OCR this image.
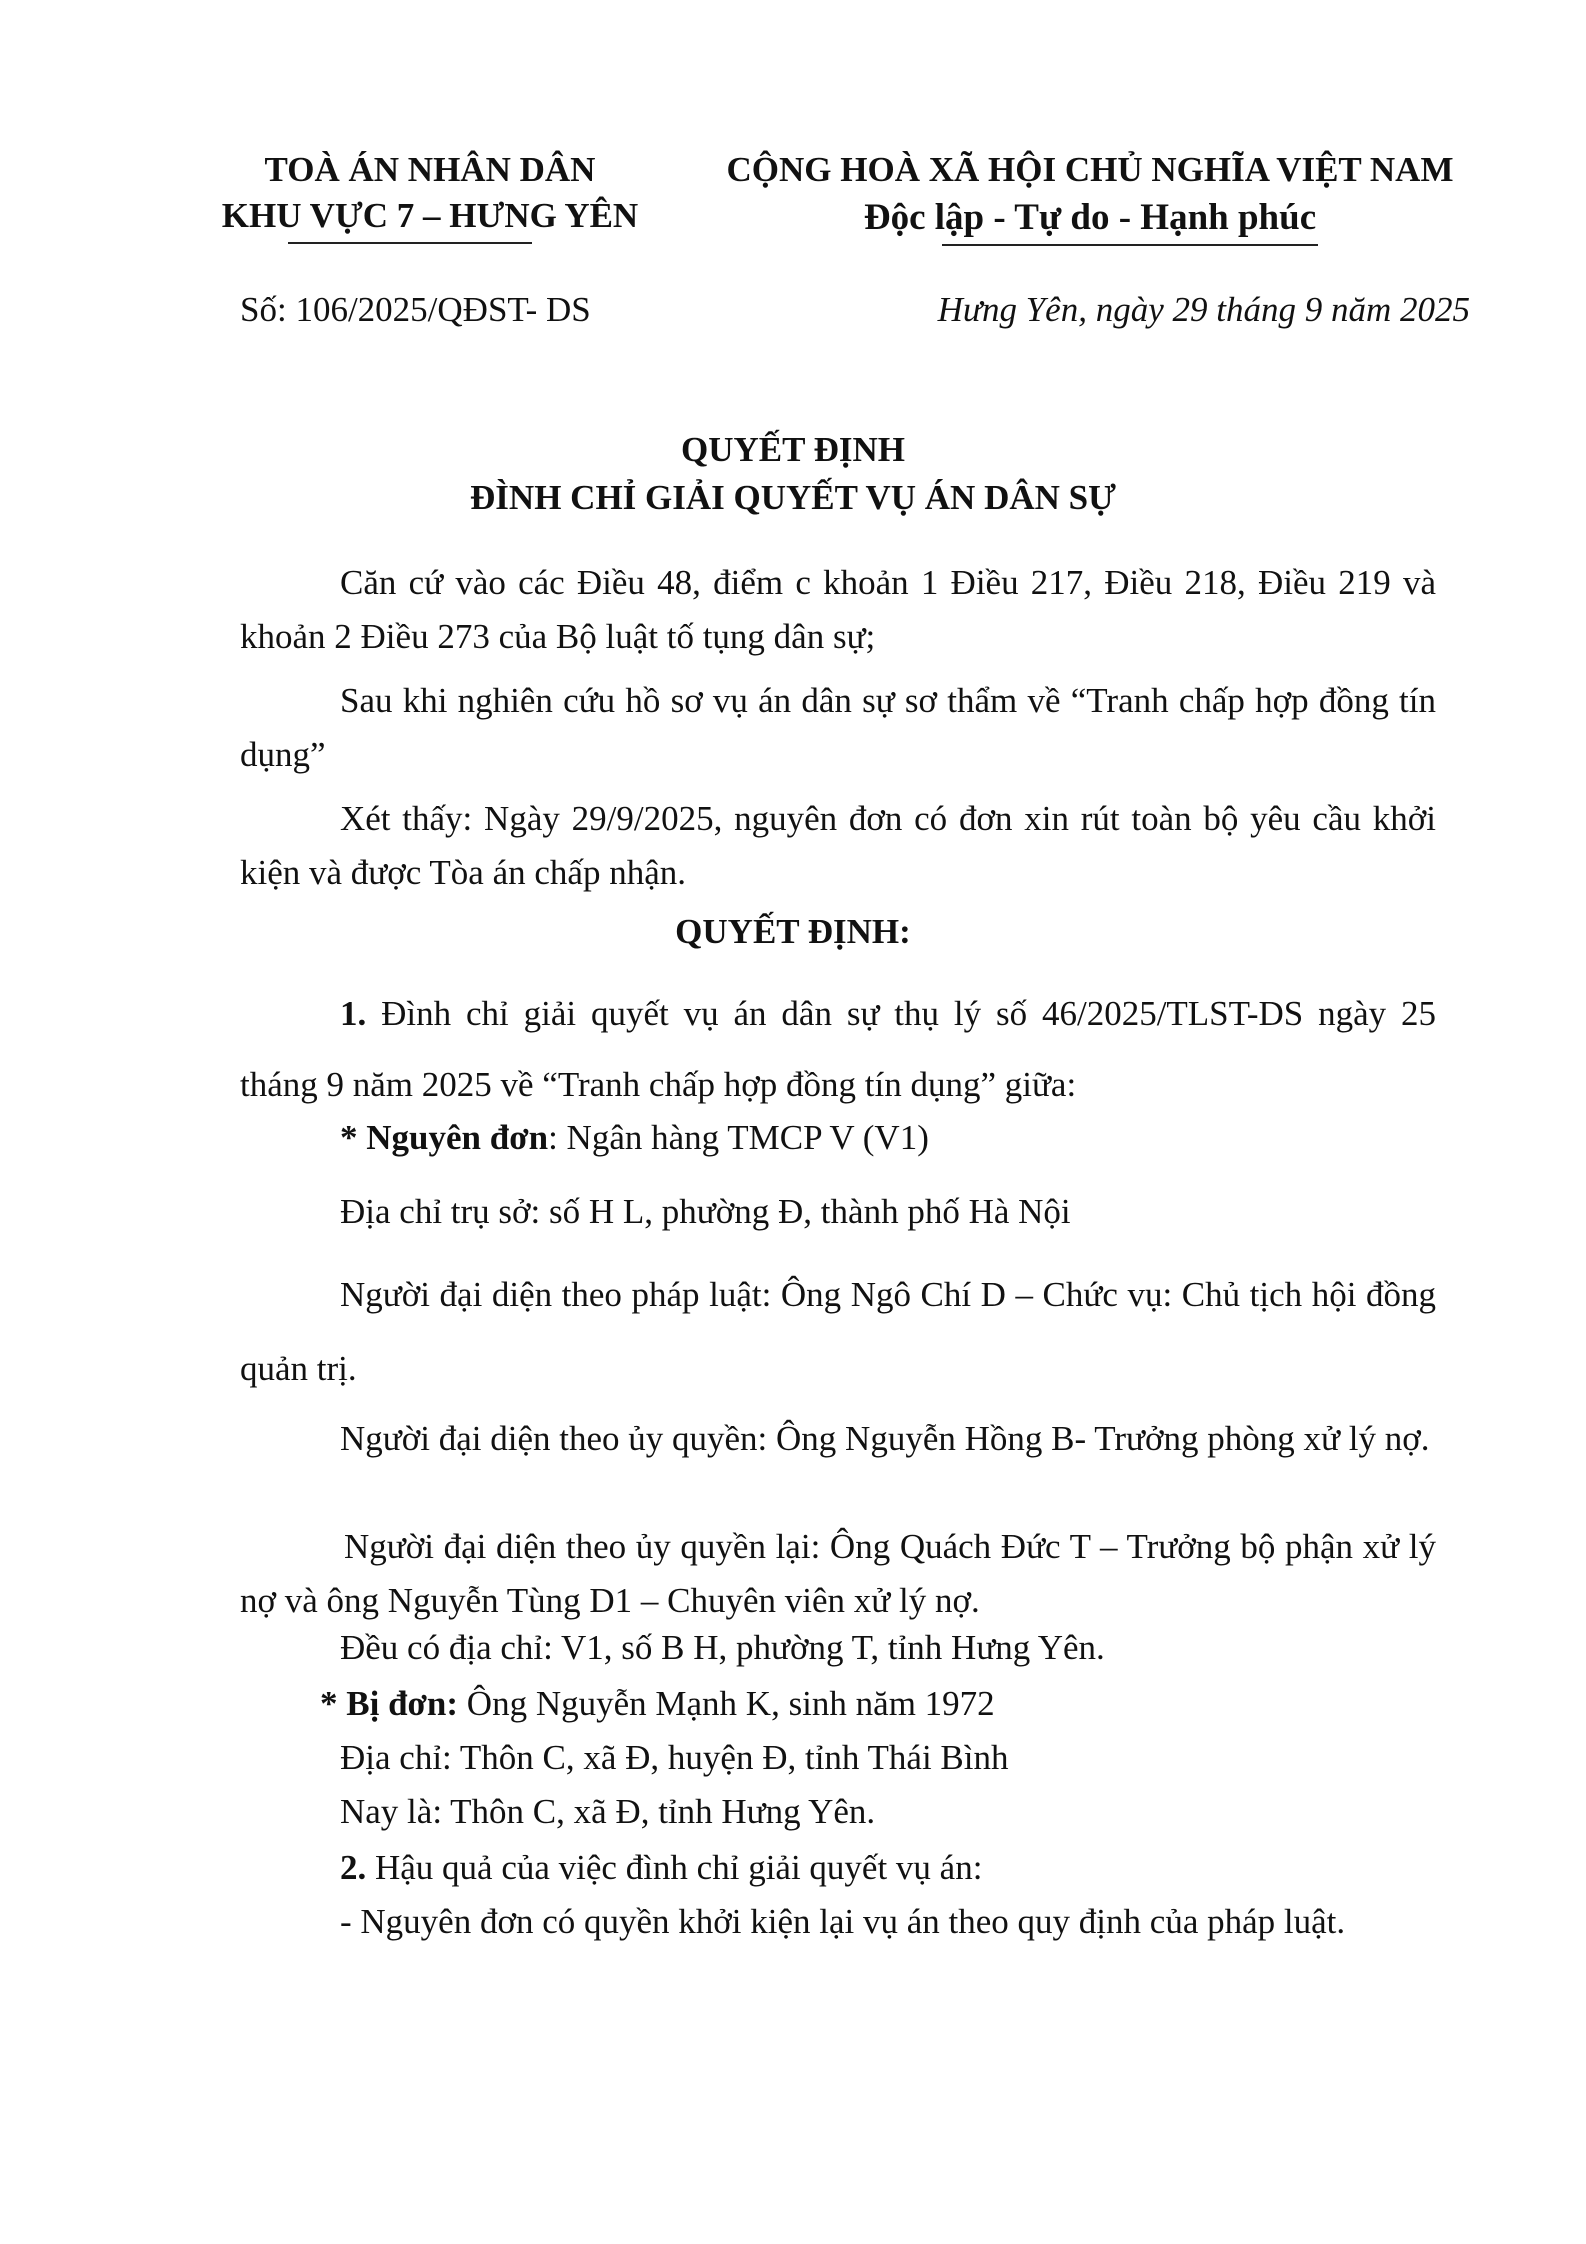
TOÀ ÁN NHÂN DÂN
KHU VỰC 7 – HƯNG YÊN
CỘNG HOÀ XÃ HỘI CHỦ NGHĨA VIỆT NAM
Độc lập - Tự do - Hạnh phúc
Số: 106/2025/QĐST- DS	Hưng Yên, ngày 29 tháng 9 năm 2025
QUYẾT ĐỊNH
ĐÌNH CHỈ GIẢI QUYẾT VỤ ÁN DÂN SỰ

Căn cứ vào các Điều 48, điểm c khoản 1 Điều 217, Điều 218, Điều 219 và khoản 2 Điều 273 của Bộ luật tố tụng dân sự;

Sau khi nghiên cứu hồ sơ vụ án dân sự sơ thẩm về “Tranh chấp hợp đồng tín dụng”

Xét thấy: Ngày 29/9/2025, nguyên đơn có đơn xin rút toàn bộ yêu cầu khởi kiện và được Tòa án chấp nhận.

QUYẾT ĐỊNH:

1. Đình chỉ giải quyết vụ án dân sự thụ lý số 46/2025/TLST-DS ngày 25 tháng 9 năm 2025 về “Tranh chấp hợp đồng tín dụng” giữa:

* Nguyên đơn: Ngân hàng TMCP V (V1)
Địa chỉ trụ sở: số H L, phường Đ, thành phố Hà Nội

Người đại diện theo pháp luật: Ông Ngô Chí D – Chức vụ: Chủ tịch hội đồng quản trị.

Người đại diện theo ủy quyền: Ông Nguyễn Hồng B- Trưởng phòng xử lý nợ.

Người đại diện theo ủy quyền lại: Ông Quách Đức T – Trưởng bộ phận xử lý nợ và ông Nguyễn Tùng D1 – Chuyên viên xử lý nợ.

Đều có địa chỉ: V1, số B H, phường T, tỉnh Hưng Yên.
* Bị đơn: Ông Nguyễn Mạnh K, sinh năm 1972
Địa chỉ: Thôn C, xã Đ, huyện Đ, tỉnh Thái Bình
Nay là: Thôn C, xã Đ, tỉnh Hưng Yên.
2. Hậu quả của việc đình chỉ giải quyết vụ án:
- Nguyên đơn có quyền khởi kiện lại vụ án theo quy định của pháp luật.
